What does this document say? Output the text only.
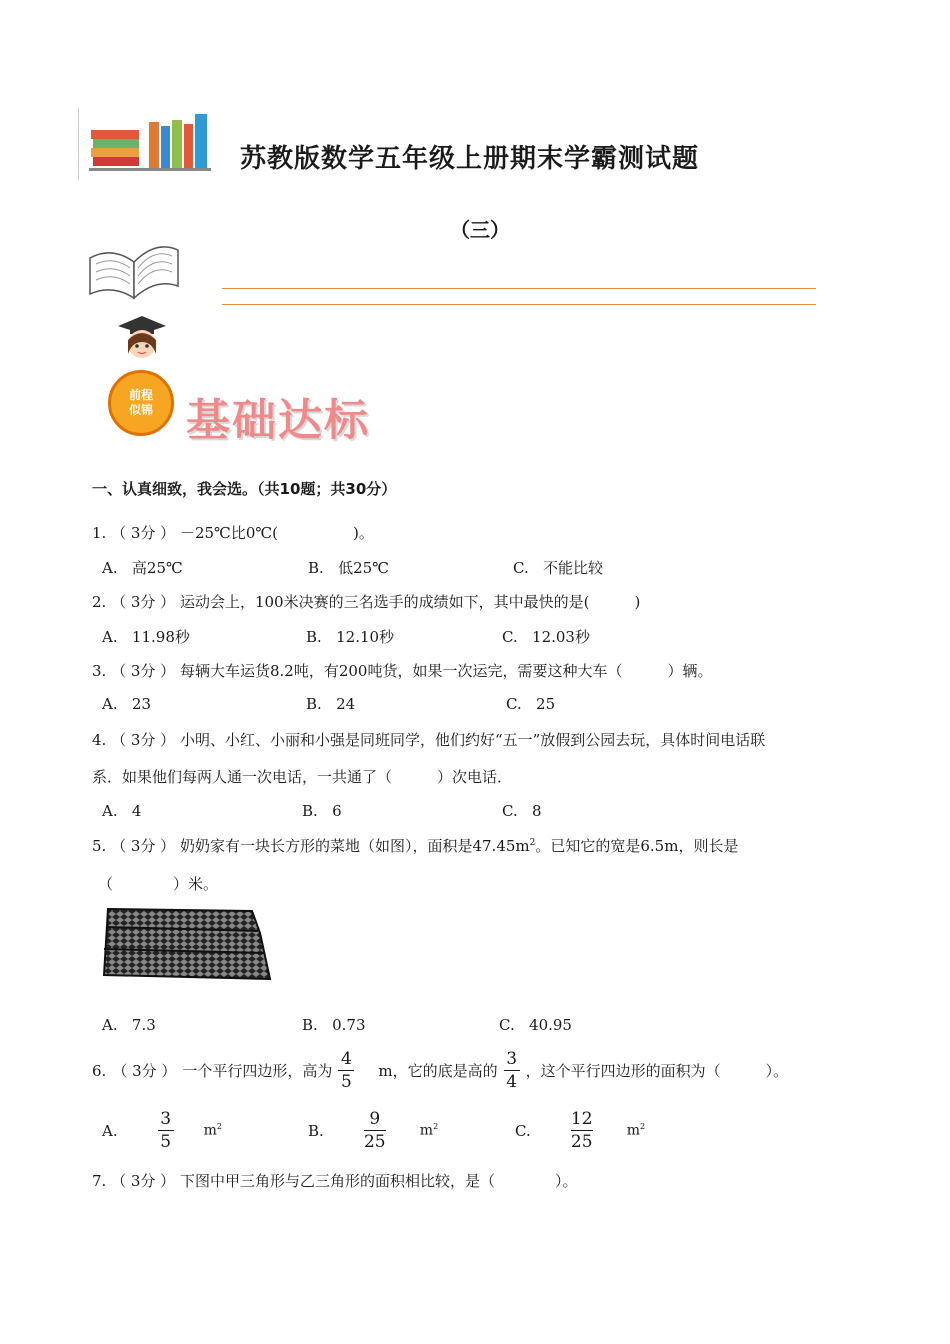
苏教版数学五年级上册期末学霸测试题
（三）
前程
似锦 基础达标
一、认真细致，我会选。（共10题；共30分）
1. （ 3分 ） －25℃比0℃(　　　　　)。
A. 高25℃	B. 低25℃	C. 不能比较
2. （ 3分 ） 运动会上，100米决赛的三名选手的成绩如下，其中最快的是(　　　)
A. 11.98秒	B. 12.10秒	C. 12.03秒
3. （ 3分 ） 每辆大车运货8.2吨，有200吨货，如果一次运完，需要这种大车（　　　）辆。
A. 23	B. 24	C. 25
4. （ 3分 ） 小明、小红、小丽和小强是同班同学，他们约好“五一”放假到公园去玩，具体时间电话联
系．如果他们每两人通一次电话，一共通了（　　　）次电话．
A. 4	B. 6	C. 8
5. （ 3分 ） 奶奶家有一块长方形的菜地（如图），面积是$47.45m^2$。已知它的宽是6.5m，则长是
（　　　　）米。
A. 7.3	B. 0.73	C. 40.95
6. （ 3分 ） 一个平行四边形，高为 $\frac{4}{5}$ m，它的底是高的 $\frac{3}{4}$ ，这个平行四边形的面积为（　　　）。
A. $\frac{3}{5} m^2$	B. $\frac{9}{25} m^2$	C. $\frac{12}{25} m^2$
7. （ 3分 ） 下图中甲三角形与乙三角形的面积相比较，是（　　　　）。
